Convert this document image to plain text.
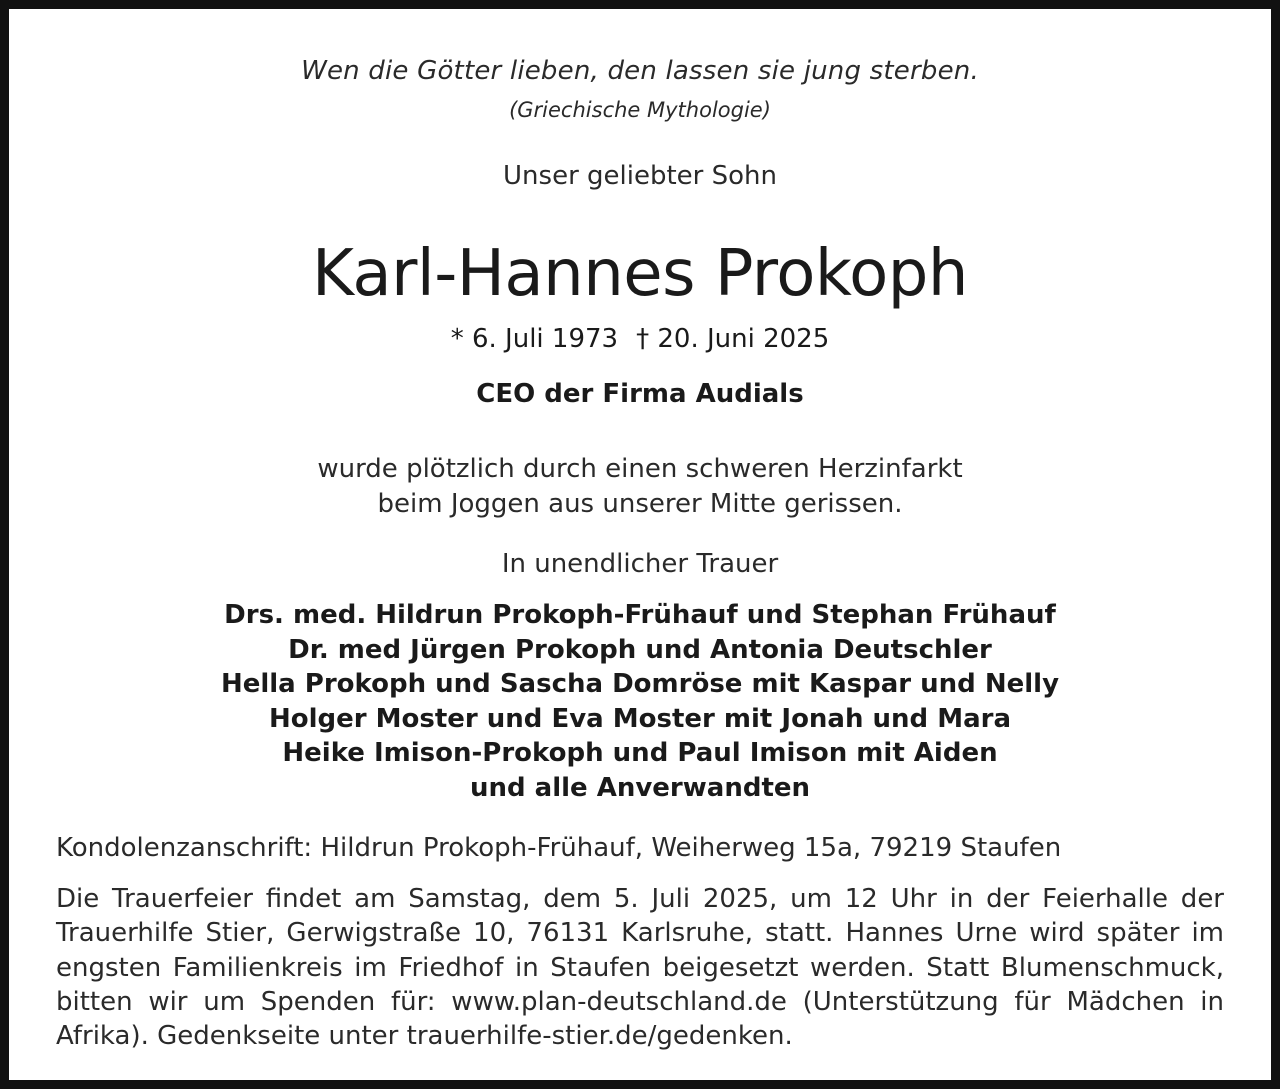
Wen die Götter lieben, den lassen sie jung sterben.
(Griechische Mythologie)
Unser geliebter Sohn
Karl-Hannes Prokoph
* 6. Juli 1973 † 20. Juni 2025
CEO der Firma Audials
wurde plötzlich durch einen schweren Herzinfarkt
beim Joggen aus unserer Mitte gerissen.
In unendlicher Trauer
Drs. med. Hildrun Prokoph-Frühauf und Stephan Frühauf
Dr. med Jürgen Prokoph und Antonia Deutschler
Hella Prokoph und Sascha Domröse mit Kaspar und Nelly
Holger Moster und Eva Moster mit Jonah und Mara
Heike Imison-Prokoph und Paul Imison mit Aiden
und alle Anverwandten
Kondolenzanschrift: Hildrun Prokoph-Frühauf, Weiherweg 15a, 79219 Staufen
Die Trauerfeier findet am Samstag, dem 5. Juli 2025, um 12 Uhr in der Feierhalle der
Trauerhilfe Stier, Gerwigstraße 10, 76131 Karlsruhe, statt. Hannes Urne wird später im
engsten Familienkreis im Friedhof in Staufen beigesetzt werden. Statt Blumenschmuck,
bitten wir um Spenden für: www.plan-deutschland.de (Unterstützung für Mädchen in
Afrika). Gedenkseite unter trauerhilfe-stier.de/gedenken.
